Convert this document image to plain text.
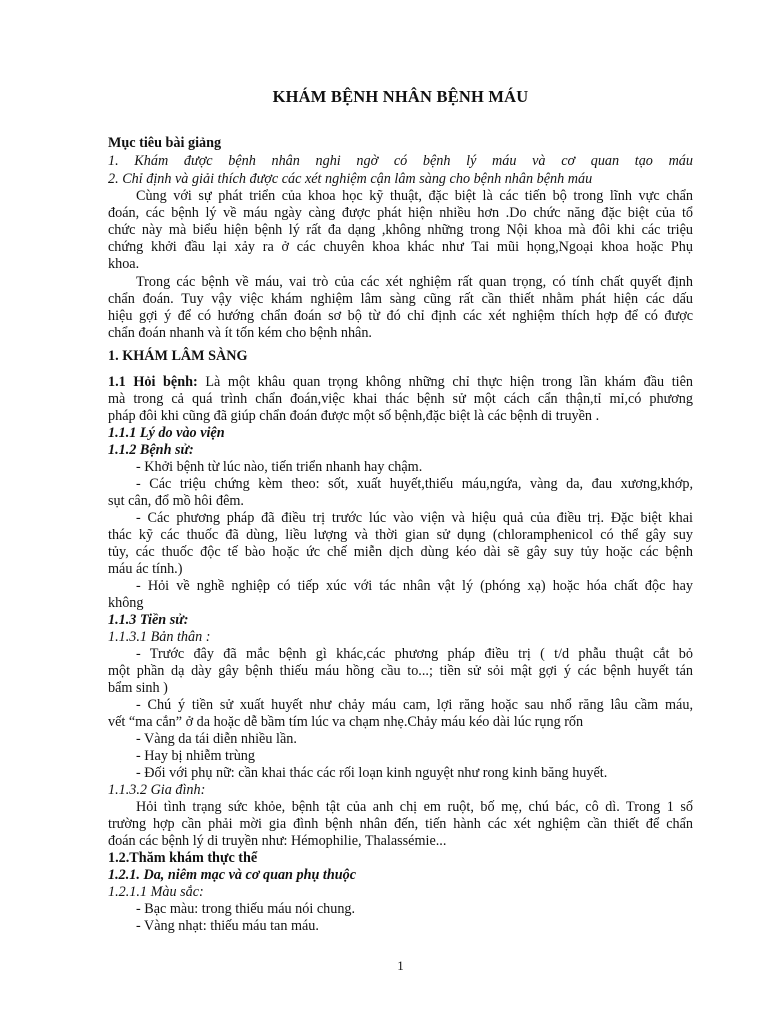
KHÁM BỆNH NHÂN BỆNH MÁU
Mục tiêu bài giảng
1. Khám được bệnh nhân nghi ngờ có bệnh lý máu và cơ quan tạo máu
2. Chỉ định và giải thích được các xét nghiệm cận lâm sàng cho bệnh nhân bệnh máu
Cùng với sự phát triển của khoa học kỹ thuật, đặc biệt là các tiến bộ trong lĩnh vực chẩn
đoán, các bệnh lý về máu ngày càng được phát hiện nhiều hơn .Do chức năng đặc biệt của tổ
chức này mà biểu hiện bệnh lý rất đa dạng ,không những trong Nội khoa mà đôi khi các triệu
chứng khởi đầu lại xảy ra ở các chuyên khoa khác như Tai mũi họng,Ngoại khoa hoặc Phụ
khoa.
Trong các bệnh về máu, vai trò của các xét nghiệm rất quan trọng, có tính chất quyết định
chẩn đoán. Tuy vậy việc khám nghiệm lâm sàng cũng rất cần thiết nhằm phát hiện các dấu
hiệu gợi ý để có hướng chẩn đoán sơ bộ từ đó chỉ định các xét nghiệm thích hợp để có được
chẩn đoán nhanh và ít tốn kém cho bệnh nhân.
1. KHÁM LÂM SÀNG
1.1 Hỏi bệnh: Là một khâu quan trọng không những chỉ thực hiện trong lần khám đầu tiên
mà trong cả quá trình chẩn đoán,việc khai thác bệnh sử một cách cẩn thận,tỉ mỉ,có phương
pháp đôi khi cũng đã giúp chẩn đoán được một số bệnh,đặc biệt là các bệnh di truyền .
1.1.1 Lý do vào viện
1.1.2 Bệnh sử:
- Khởi bệnh từ lúc nào, tiến triển nhanh hay chậm.
- Các triệu chứng kèm theo: sốt, xuất huyết,thiếu máu,ngứa, vàng da, đau xương,khớp,
sụt cân, đổ mồ hôi đêm.
- Các phương pháp đã điều trị trước lúc vào viện và hiệu quả của điều trị. Đặc biệt khai
thác kỹ các thuốc đã dùng, liều lượng và thời gian sử dụng (chloramphenicol có thể gây suy
tủy, các thuốc độc tế bào hoặc ức chế miễn dịch dùng kéo dài sẽ gây suy tủy hoặc các bệnh
máu ác tính.)
- Hỏi về nghề nghiệp có tiếp xúc với tác nhân vật lý (phóng xạ) hoặc hóa chất độc hay
không
1.1.3 Tiền sử:
1.1.3.1 Bản thân :
- Trước đây đã mắc bệnh gì khác,các phương pháp điều trị ( t/d phẫu thuật cắt bỏ
một phần dạ dày gây bệnh thiếu máu hồng cầu to...; tiền sử sỏi mật gợi ý các bệnh huyết tán
bẩm sinh )
- Chú ý tiền sử xuất huyết như chảy máu cam, lợi răng hoặc sau nhổ răng lâu cầm máu,
vết “ma cắn” ở da hoặc dễ bầm tím lúc va chạm nhẹ.Chảy máu kéo dài lúc rụng rốn
- Vàng da tái diễn nhiều lần.
- Hay bị nhiễm trùng
- Đối với phụ nữ: cần khai thác các rối loạn kinh nguyệt như rong kinh băng huyết.
1.1.3.2 Gia đình:
Hỏi tình trạng sức khỏe, bệnh tật của anh chị em ruột, bố mẹ, chú bác, cô dì. Trong 1 số
trường hợp cần phải mời gia đình bệnh nhân đến, tiến hành các xét nghiệm cần thiết để chẩn
đoán các bệnh lý di truyền như: Hémophilie, Thalassémie...
1.2.Thăm khám thực thể
1.2.1. Da, niêm mạc và cơ quan phụ thuộc
1.2.1.1 Màu sắc:
- Bạc màu: trong thiếu máu nói chung.
- Vàng nhạt: thiếu máu tan máu.
1
